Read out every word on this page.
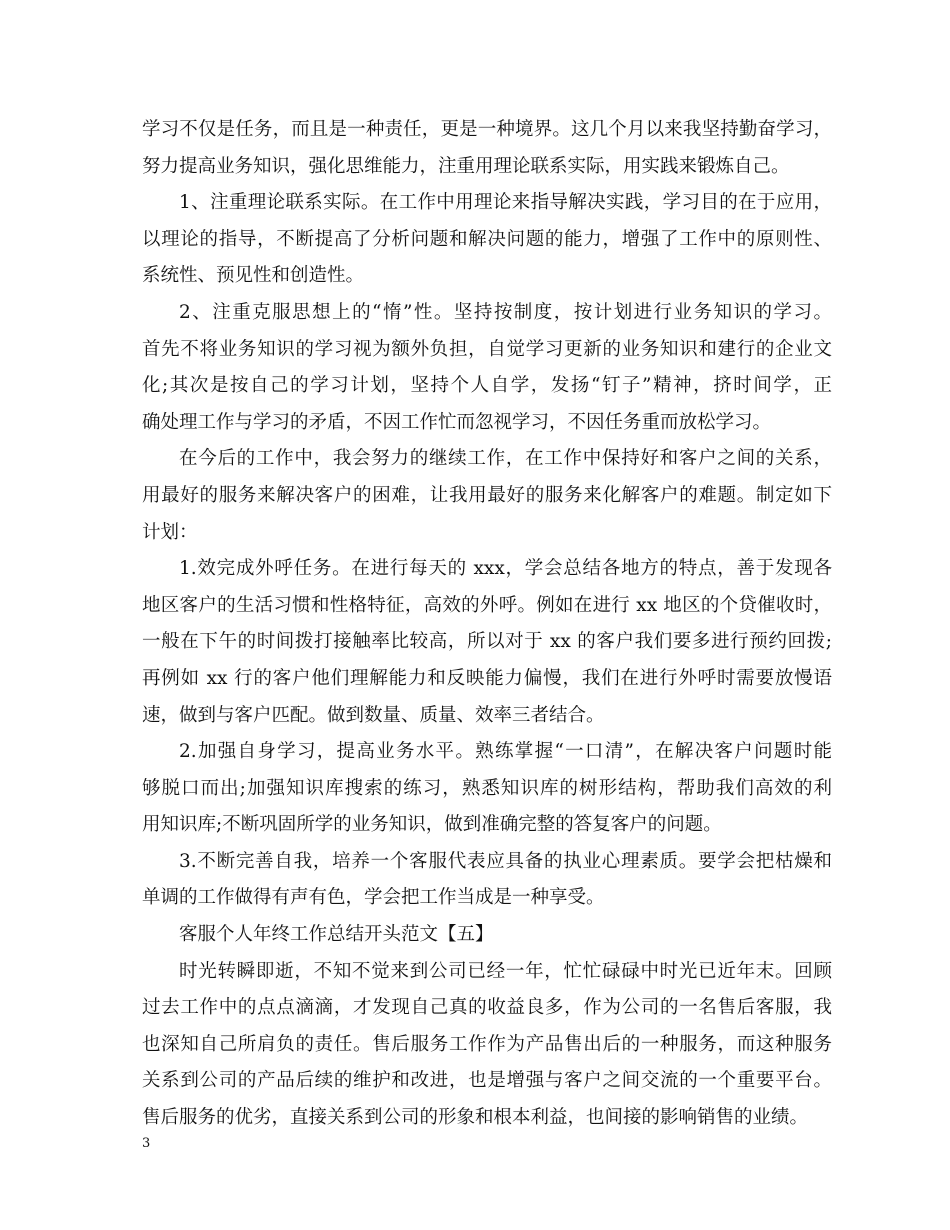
学习不仅是任务，而且是一种责任，更是一种境界。这几个月以来我坚持勤奋学习，
努力提高业务知识，强化思维能力，注重用理论联系实际，用实践来锻炼自己。
1、注重理论联系实际。在工作中用理论来指导解决实践，学习目的在于应用，
以理论的指导，不断提高了分析问题和解决问题的能力，增强了工作中的原则性、
系统性、预见性和创造性。
2、注重克服思想上的“惰”性。坚持按制度，按计划进行业务知识的学习。
首先不将业务知识的学习视为额外负担，自觉学习更新的业务知识和建行的企业文
化;其次是按自己的学习计划，坚持个人自学，发扬“钉子”精神，挤时间学，正
确处理工作与学习的矛盾，不因工作忙而忽视学习，不因任务重而放松学习。
在今后的工作中，我会努力的继续工作，在工作中保持好和客户之间的关系，
用最好的服务来解决客户的困难，让我用最好的服务来化解客户的难题。制定如下
计划：
1.效完成外呼任务。在进行每天的 xxx，学会总结各地方的特点，善于发现各
地区客户的生活习惯和性格特征，高效的外呼。例如在进行 xx 地区的个贷催收时，
一般在下午的时间拨打接触率比较高，所以对于 xx 的客户我们要多进行预约回拨;
再例如 xx 行的客户他们理解能力和反映能力偏慢，我们在进行外呼时需要放慢语
速，做到与客户匹配。做到数量、质量、效率三者结合。
2.加强自身学习，提高业务水平。熟练掌握“一口清”，在解决客户问题时能
够脱口而出;加强知识库搜索的练习，熟悉知识库的树形结构，帮助我们高效的利
用知识库;不断巩固所学的业务知识，做到准确完整的答复客户的问题。
3.不断完善自我，培养一个客服代表应具备的执业心理素质。要学会把枯燥和
单调的工作做得有声有色，学会把工作当成是一种享受。
客服个人年终工作总结开头范文【五】
时光转瞬即逝，不知不觉来到公司已经一年，忙忙碌碌中时光已近年末。回顾
过去工作中的点点滴滴，才发现自己真的收益良多，作为公司的一名售后客服，我
也深知自己所肩负的责任。售后服务工作作为产品售出后的一种服务，而这种服务
关系到公司的产品后续的维护和改进，也是增强与客户之间交流的一个重要平台。
售后服务的优劣，直接关系到公司的形象和根本利益，也间接的影响销售的业绩。
3
